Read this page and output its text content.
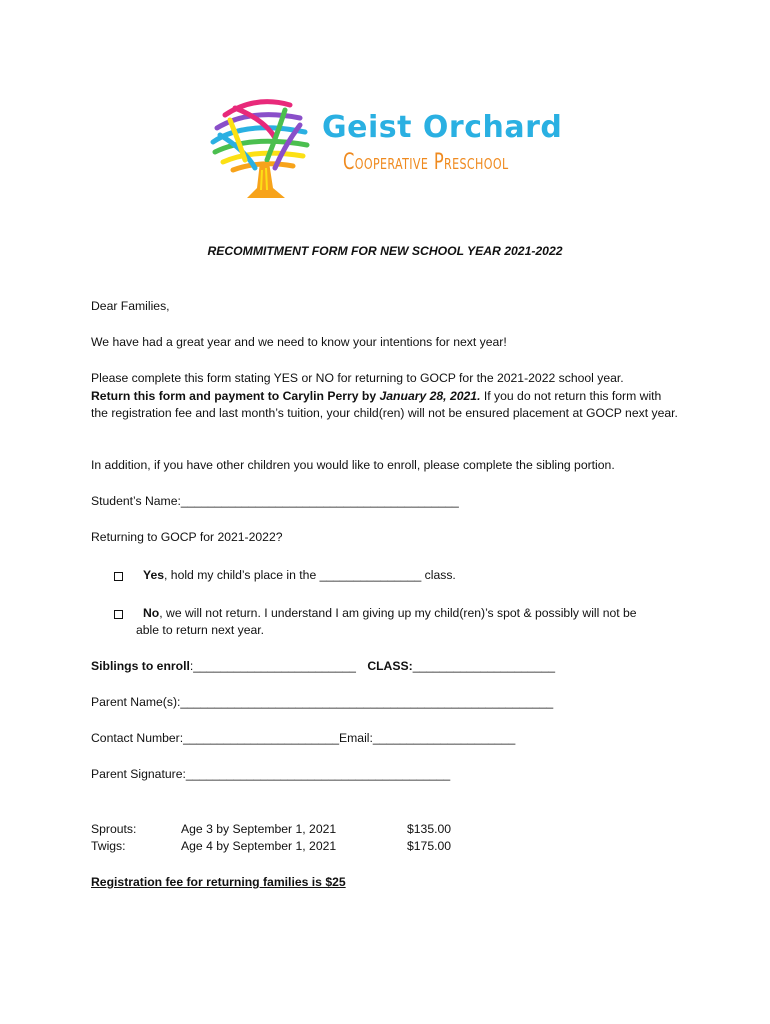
Geist Orchard
Cooperative Preschool
RECOMMITMENT FORM FOR NEW SCHOOL YEAR 2021-2022
Dear Families,
We have had a great year and we need to know your intentions for next year!
Please complete this form stating YES or NO for returning to GOCP for the 2021-2022 school year.
Return this form and payment to Carylin Perry by January 28, 2021. If you do not return this form with the registration fee and last month’s tuition, your child(ren) will not be ensured placement at GOCP next year.
In addition, if you have other children you would like to enroll, please complete the sibling portion.
Student’s Name:_________________________________________
Returning to GOCP for 2021-2022?
Yes, hold my child’s place in the _______________ class.
No, we will not return. I understand I am giving up my child(ren)’s spot & possibly will not be
able to return next year.
Siblings to enroll:________________________ CLASS:_____________________
Parent Name(s):_______________________________________________________
Contact Number:_______________________Email:_____________________
Parent Signature:_______________________________________
Sprouts:	Age 3 by September 1, 2021	$135.00
Twigs:	Age 4 by September 1, 2021	$175.00
Registration fee for returning families is $25
